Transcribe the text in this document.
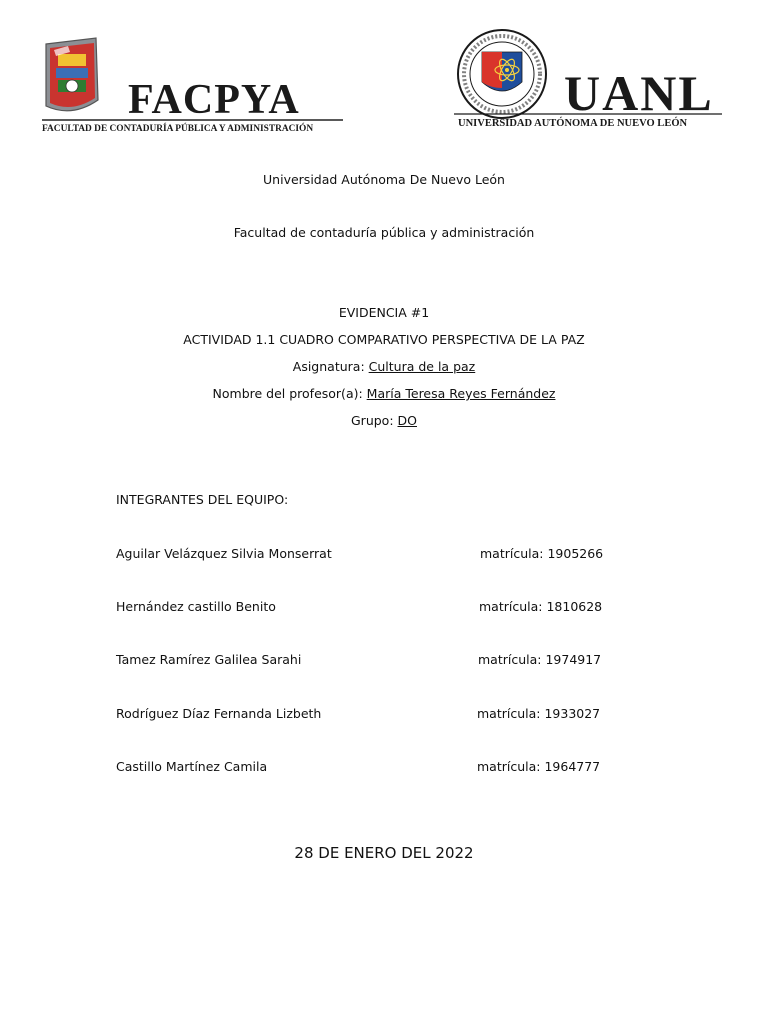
FACPYA
FACULTAD DE CONTADURÍA PÚBLICA Y ADMINISTRACIÓN
UANL
UNIVERSIDAD AUTÓNOMA DE NUEVO LEÓN
Universidad Autónoma De Nuevo León
Facultad de contaduría pública y administración
EVIDENCIA #1
ACTIVIDAD 1.1 CUADRO COMPARATIVO PERSPECTIVA DE LA PAZ
Asignatura: Cultura de la paz
Nombre del profesor(a): María Teresa Reyes Fernández
Grupo: DO
INTEGRANTES DEL EQUIPO:
Aguilar Velázquez Silvia Monserrat	matrícula: 1905266
Hernández castillo Benito	matrícula: 1810628
Tamez Ramírez Galilea Sarahi	matrícula: 1974917
Rodríguez Díaz Fernanda Lizbeth	matrícula: 1933027
Castillo Martínez Camila	matrícula: 1964777
28 DE ENERO DEL 2022
